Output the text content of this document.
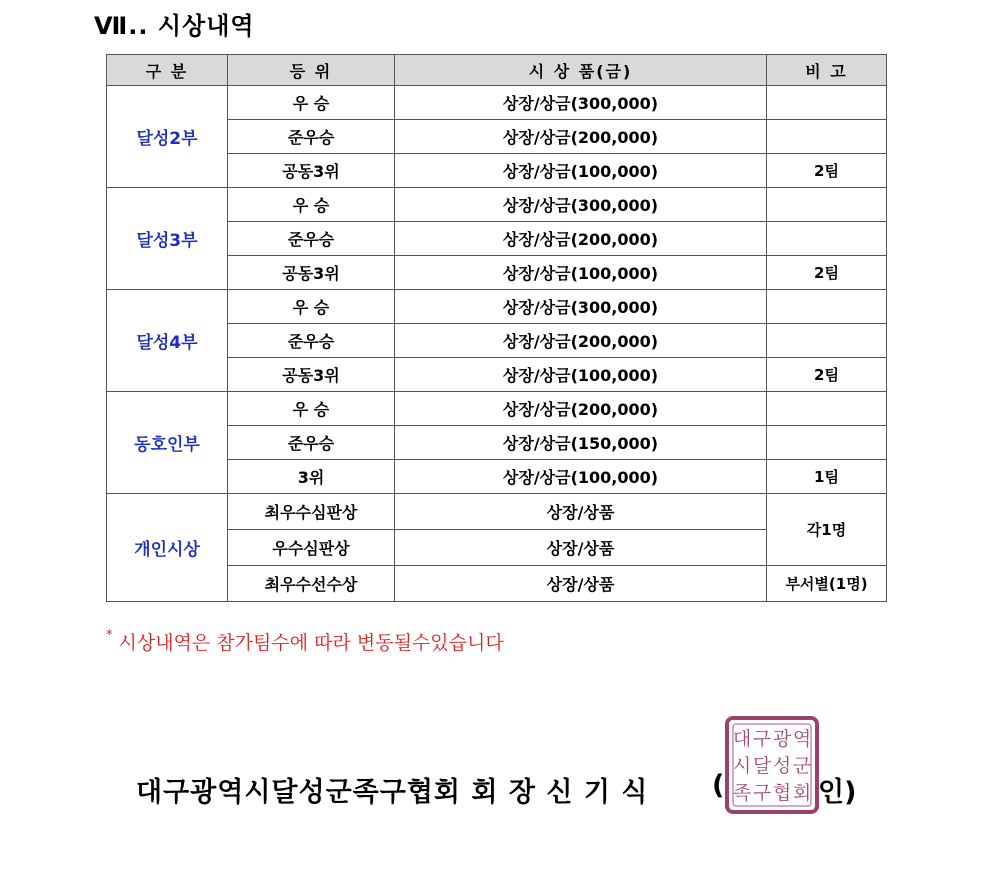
Ⅶ.. 시상내역
구 분	등 위	시 상 품(금)	비 고
달성2부	우 승	상장/상금(300,000)	
	준우승	상장/상금(200,000)	
	공동3위	상장/상금(100,000)	2팀
달성3부	우 승	상장/상금(300,000)	
	준우승	상장/상금(200,000)	
	공동3위	상장/상금(100,000)	2팀
달성4부	우 승	상장/상금(300,000)	
	준우승	상장/상금(200,000)	
	공동3위	상장/상금(100,000)	2팀
동호인부	우 승	상장/상금(200,000)	
	준우승	상장/상금(150,000)	
	3위	상장/상금(100,000)	1팀
개인시상	최우수심판상	상장/상품	각1명
	우수심판상	상장/상품	
	최우수선수상	상장/상품	부서별(1명)
* 시상내역은 참가팀수에 따라 변동될수있습니다
대구광역시달성군족구협회 회 장 신 기 식 (
대 구 광 역
시 달 성 군
족 구 협 회 인)
